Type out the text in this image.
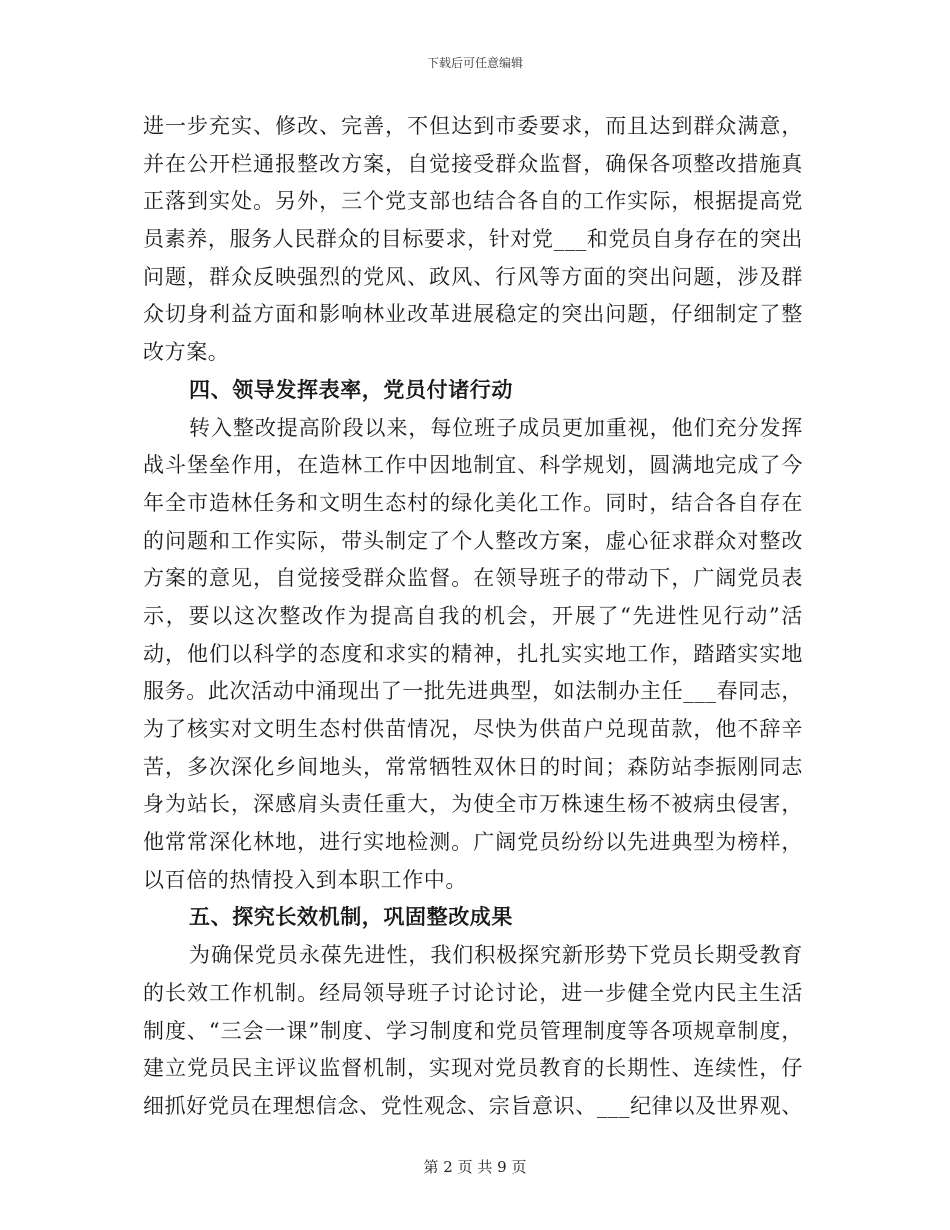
下载后可任意编辑
进一步充实、修改、完善，不但达到市委要求，而且达到群众满意，
并在公开栏通报整改方案，自觉接受群众监督，确保各项整改措施真
正落到实处。另外，三个党支部也结合各自的工作实际，根据提高党
员素养，服务人民群众的目标要求，针对党___和党员自身存在的突出
问题，群众反映强烈的党风、政风、行风等方面的突出问题，涉及群
众切身利益方面和影响林业改革进展稳定的突出问题，仔细制定了整
改方案。
四、领导发挥表率，党员付诸行动
转入整改提高阶段以来，每位班子成员更加重视，他们充分发挥
战斗堡垒作用，在造林工作中因地制宜、科学规划，圆满地完成了今
年全市造林任务和文明生态村的绿化美化工作。同时，结合各自存在
的问题和工作实际，带头制定了个人整改方案，虚心征求群众对整改
方案的意见，自觉接受群众监督。在领导班子的带动下，广阔党员表
示，要以这次整改作为提高自我的机会，开展了“先进性见行动”活
动，他们以科学的态度和求实的精神，扎扎实实地工作，踏踏实实地
服务。此次活动中涌现出了一批先进典型，如法制办主任___春同志，
为了核实对文明生态村供苗情况，尽快为供苗户兑现苗款，他不辞辛
苦，多次深化乡间地头，常常牺牲双休日的时间；森防站李振刚同志
身为站长，深感肩头责任重大，为使全市万株速生杨不被病虫侵害，
他常常深化林地，进行实地检测。广阔党员纷纷以先进典型为榜样，
以百倍的热情投入到本职工作中。
五、探究长效机制，巩固整改成果
为确保党员永葆先进性，我们积极探究新形势下党员长期受教育
的长效工作机制。经局领导班子讨论讨论，进一步健全党内民主生活
制度、“三会一课”制度、学习制度和党员管理制度等各项规章制度，
建立党员民主评议监督机制，实现对党员教育的长期性、连续性，仔
细抓好党员在理想信念、党性观念、宗旨意识、___纪律以及世界观、
第 2 页 共 9 页
